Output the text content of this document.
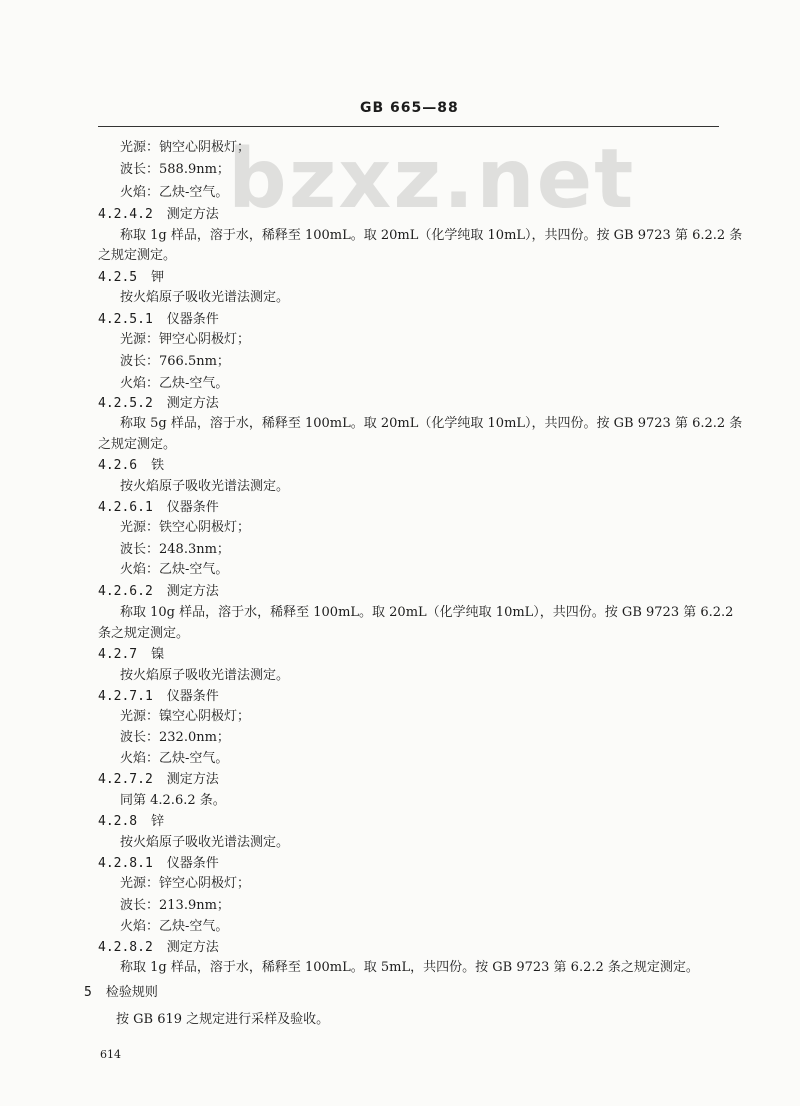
GB 665—88
bzxz.net
光源：钠空心阴极灯；
波长：588.9nm；
火焰：乙炔-空气。
4.2.4.2 测定方法
称取 1g 样品，溶于水，稀释至 100mL。取 20mL（化学纯取 10mL），共四份。按 GB 9723 第 6.2.2 条
之规定测定。
4.2.5 钾
按火焰原子吸收光谱法测定。
4.2.5.1 仪器条件
光源：钾空心阴极灯；
波长：766.5nm；
火焰：乙炔-空气。
4.2.5.2 测定方法
称取 5g 样品，溶于水，稀释至 100mL。取 20mL（化学纯取 10mL），共四份。按 GB 9723 第 6.2.2 条
之规定测定。
4.2.6 铁
按火焰原子吸收光谱法测定。
4.2.6.1 仪器条件
光源：铁空心阴极灯；
波长：248.3nm；
火焰：乙炔-空气。
4.2.6.2 测定方法
称取 10g 样品，溶于水，稀释至 100mL。取 20mL（化学纯取 10mL），共四份。按 GB 9723 第 6.2.2
条之规定测定。
4.2.7 镍
按火焰原子吸收光谱法测定。
4.2.7.1 仪器条件
光源：镍空心阴极灯；
波长：232.0nm；
火焰：乙炔-空气。
4.2.7.2 测定方法
同第 4.2.6.2 条。
4.2.8 锌
按火焰原子吸收光谱法测定。
4.2.8.1 仪器条件
光源：锌空心阴极灯；
波长：213.9nm；
火焰：乙炔-空气。
4.2.8.2 测定方法
称取 1g 样品，溶于水，稀释至 100mL。取 5mL，共四份。按 GB 9723 第 6.2.2 条之规定测定。
5 检验规则
按 GB 619 之规定进行采样及验收。
614
